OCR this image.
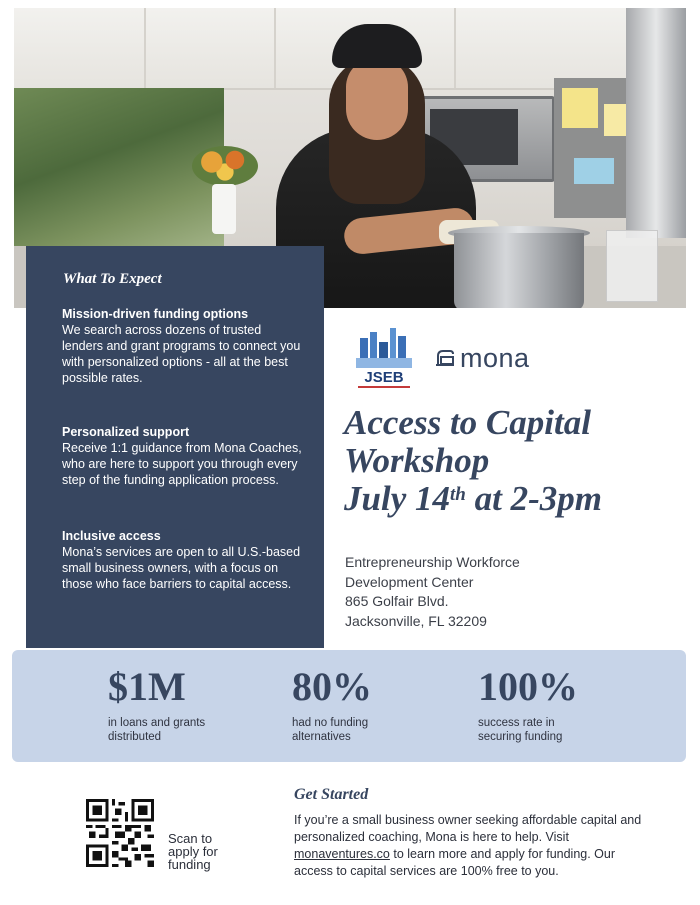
What To Expect
Mission-driven funding options
We search across dozens of trusted lenders and grant programs to connect you with personalized options - all at the best possible rates.
Personalized support
Receive 1:1 guidance from Mona Coaches, who are here to support you through every step of the funding application process.
Inclusive access
Mona’s services are open to all U.S.-based small business owners, with a focus on those who face barriers to capital access.
JSEB
mona
Access to Capital
Workshop
July 14th at 2-3pm
Entrepreneurship Workforce
Development Center
865 Golfair Blvd.
Jacksonville, FL 32209
$1M
in loans and grants
distributed
80%
had no funding
alternatives
100%
success rate in
securing funding
Scan to
apply for
funding
Get Started
If you’re a small business owner seeking affordable capital and personalized coaching, Mona is here to help. Visit monaventures.co to learn more and apply for funding. Our access to capital services are 100% free to you.
